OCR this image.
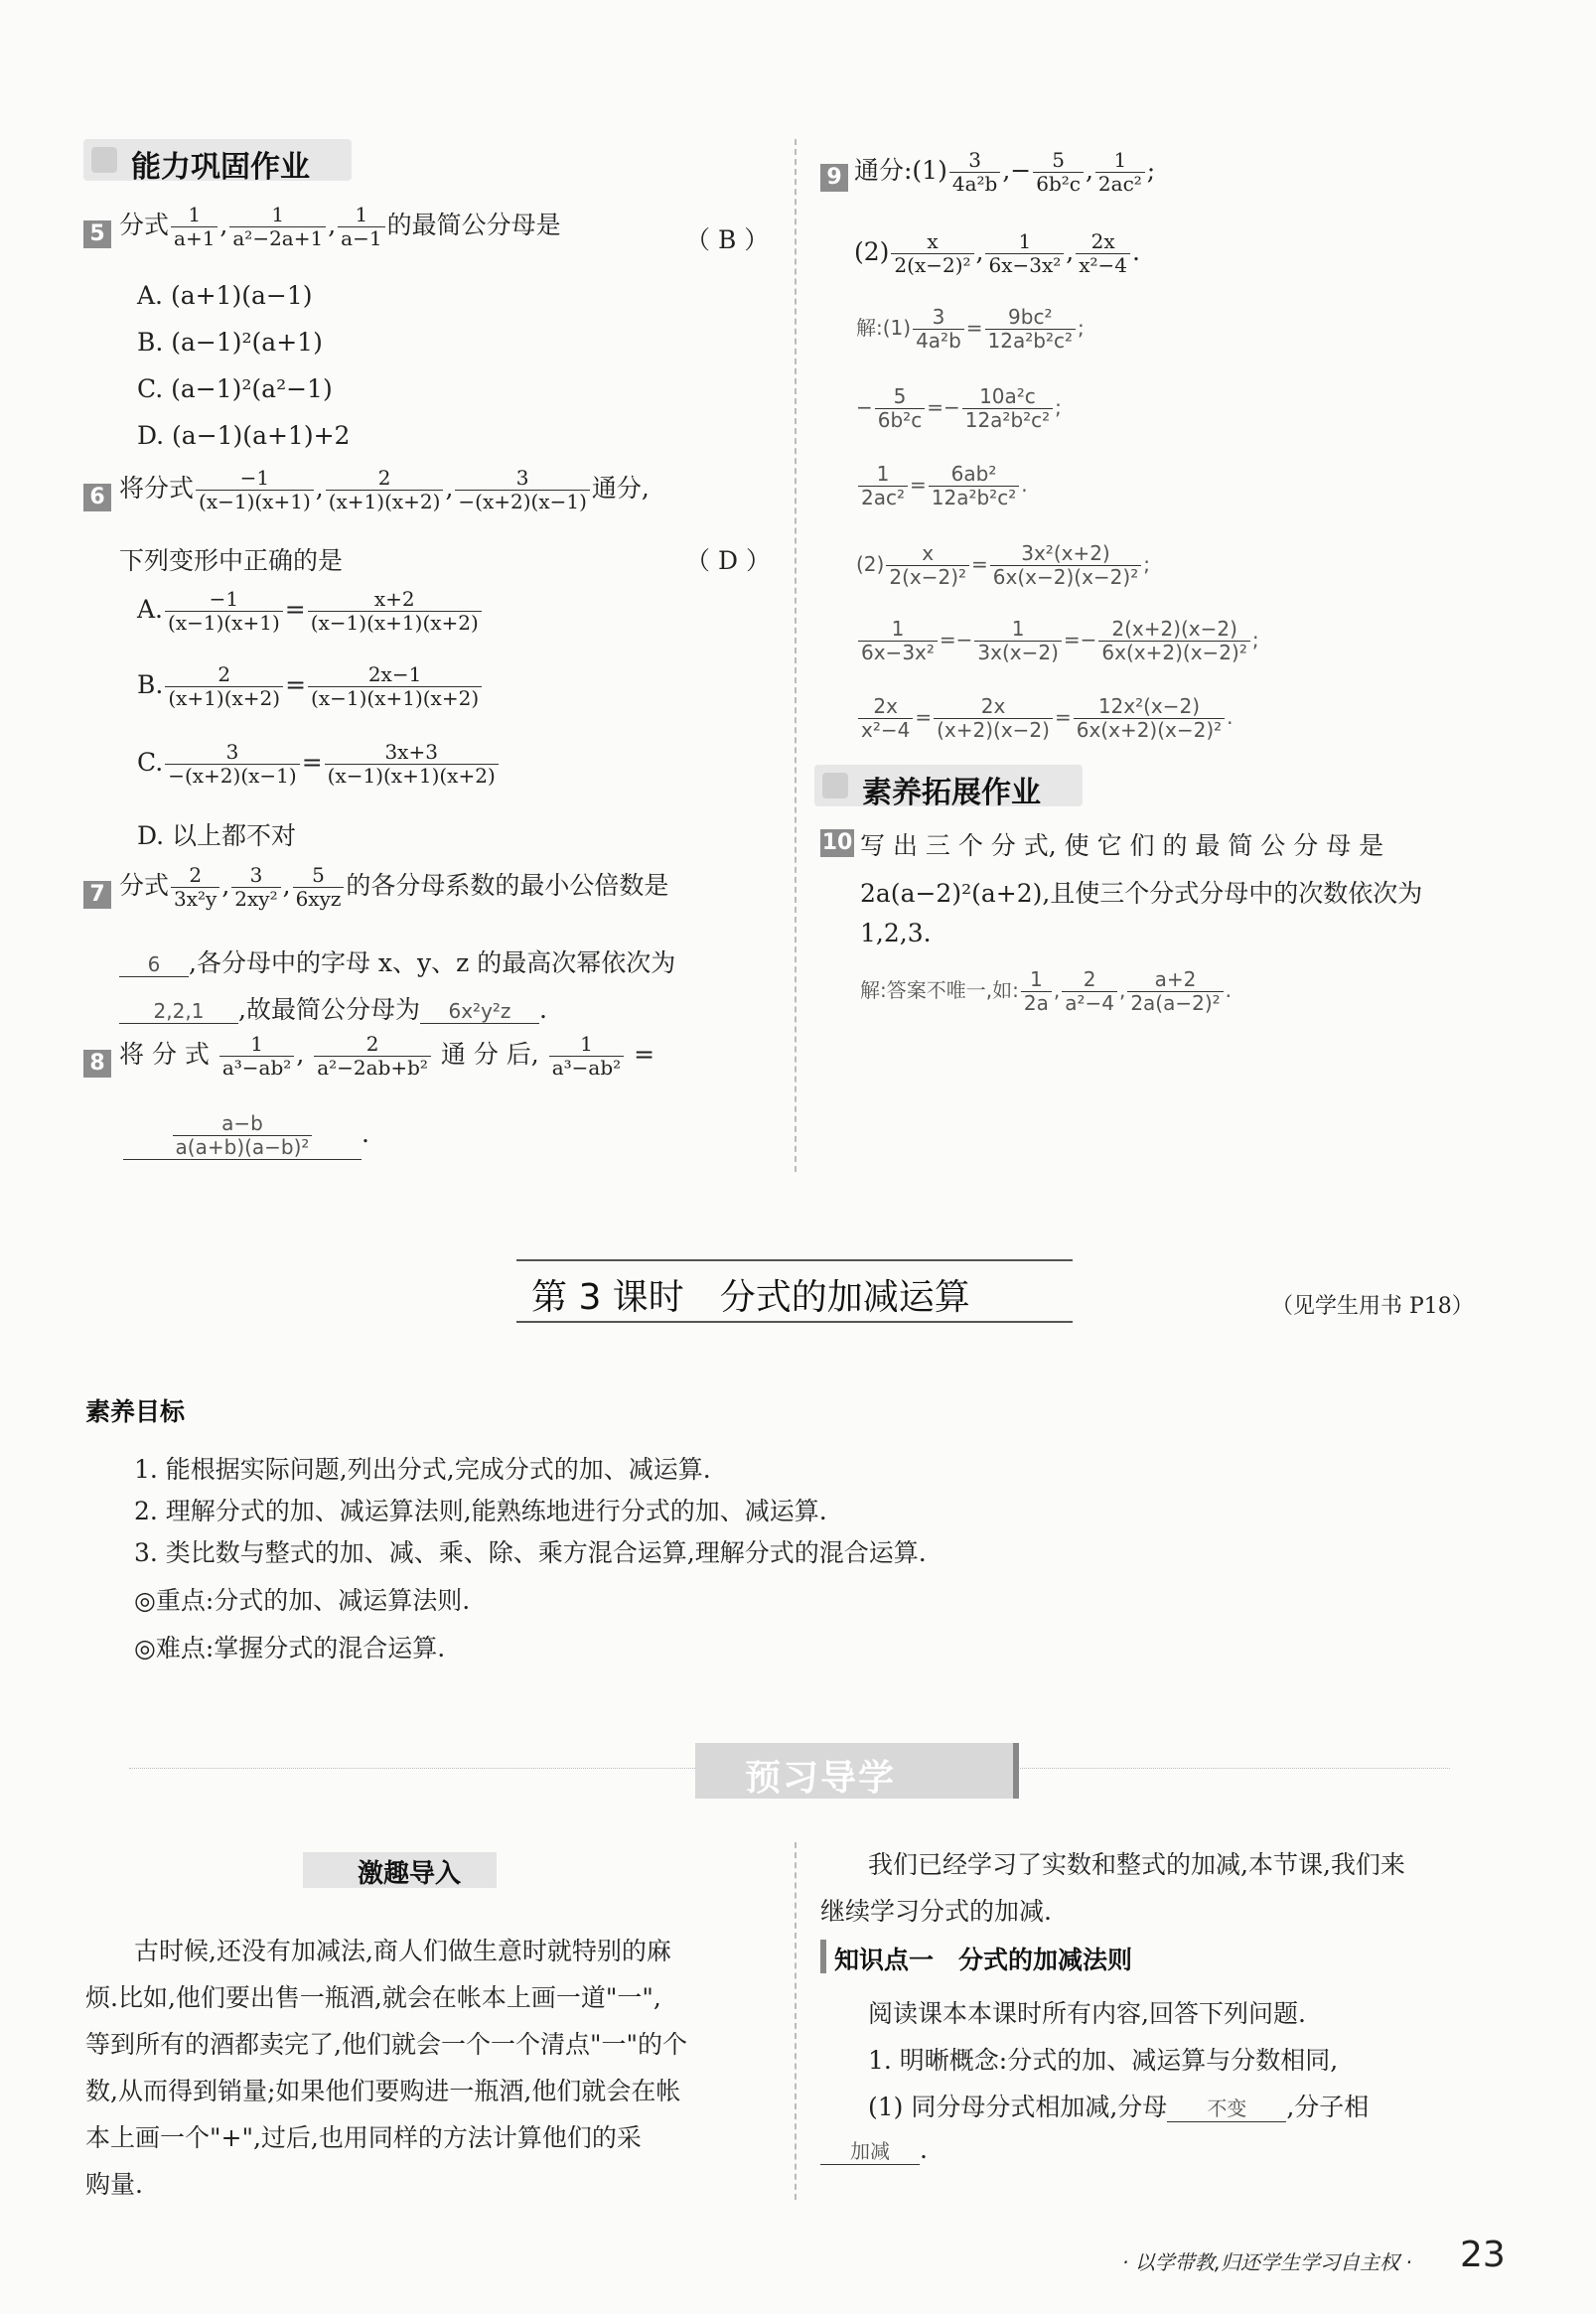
能力巩固作业
5 分式 $\frac{1}{a+1}$ , $\frac{1}{\text{a²−2a+1}}$ , $\frac{1}{a-1}$ 的最简公分母是
（ B ）
A. (a+1)(a−1)
B. (a−1)²(a+1)
C. (a−1)²(a²−1)
D. (a−1)(a+1)+2
6 将分式 $\frac{-1}{(x-1)(x+1)}$ , $\frac{2}{(x+1)(x+2)}$ , $\frac{3}{-(x+2)(x-1)}$ 通分,
下列变形中正确的是	（ D ）
A. $\frac{-1}{(x-1)(x+1)} = \frac{x+2}{(x-1)(x+1)(x+2)}$
B. $\frac{2}{(x+1)(x+2)} = \frac{2x-1}{(x-1)(x+1)(x+2)}$
C. $\frac{3}{-(x+2)(x-1)} = \frac{3x+3}{(x-1)(x+1)(x+2)}$
D. 以上都不对
7 分式 $\frac{2}{\text{3x²y}}$ , $\frac{3}{\text{2xy²}}$ , $\frac{5}{\text{6xyz}}$ 的各分母系数的最小公倍数是
6 ,各分母中的字母 x、y、z 的最高次幂依次为
2,2,1 ,故最简公分母为 6x²y²z .
8 将 分 式 $\frac{1}{\text{a³−ab²}}$ , $\frac{2}{\text{a²−2ab+b²}}$ 通 分 后, $\frac{1}{\text{a³−ab²}}$ =
$\frac{a-b}{\text{a(a+b)(a−b)²}}$ .
9 通分:(1) $\frac{3}{\text{4a²b}}$ ,− $\frac{5}{\text{6b²c}}$ , $\frac{1}{\text{2ac²}}$ ;
$(2) \frac{x}{\text{2(x−2)²}}$ , $\frac{1}{\text{6x−3x²}}$ , $\frac{2x}{\text{x²−4}}$ .
解:(1) $\frac{3}{\text{4a²b}} = \frac{\text{9bc²}}{\text{12a²b²c²}}$ ;
− $\frac{5}{\text{6b²c}} =- \frac{\text{10a²c}}{\text{12a²b²c²}}$ ;
$\frac{1}{\text{2ac²}} = \frac{\text{6ab²}}{\text{12a²b²c²}}$ .
$(2) \frac{x}{\text{2(x−2)²}} = \frac{\text{3x²(x+2)}}{\text{6x(x−2)(x−2)²}}$ ;
$\frac{1}{\text{6x−3x²}} =- \frac{1}{3x(x-2)} =- \frac{2(x+2)(x-2)}{\text{6x(x+2)(x−2)²}}$ ;
$\frac{2x}{\text{x²−4}} = \frac{2x}{(x+2)(x-2)} = \frac{\text{12x²(x−2)}}{\text{6x(x+2)(x−2)²}}$ .
素养拓展作业
10 写 出 三 个 分 式, 使 它 们 的 最 简 公 分 母 是
2a(a−2)²(a+2),且使三个分式分母中的次数依次为
1,2,3.
解:答案不唯一,如: $\frac{1}{2a}$ , $\frac{2}{\text{a²−4}}$ , $\frac{a+2}{\text{2a(a−2)²}}$ .
第 3 课时　分式的加减运算	（见学生用书 P18）
素养目标
1. 能根据实际问题,列出分式,完成分式的加、减运算.
2. 理解分式的加、减运算法则,能熟练地进行分式的加、减运算.
3. 类比数与整式的加、减、乘、除、乘方混合运算,理解分式的混合运算.
◎重点:分式的加、减运算法则.
◎难点:掌握分式的混合运算.
预习导学
激趣导入
古时候,还没有加减法,商人们做生意时就特别的麻
烦.比如,他们要出售一瓶酒,就会在帐本上画一道"一",
等到所有的酒都卖完了,他们就会一个一个清点"一"的个
数,从而得到销量;如果他们要购进一瓶酒,他们就会在帐
本上画一个"+",过后,也用同样的方法计算他们的采
购量.
我们已经学习了实数和整式的加减,本节课,我们来
继续学习分式的加减.
知识点一　分式的加减法则
阅读课本本课时所有内容,回答下列问题.
1. 明晰概念:分式的加、减运算与分数相同,
(1) 同分母分式相加减,分母 不变 ,分子相
加减 .
· 以学带教,归还学生学习自主权 · 23
